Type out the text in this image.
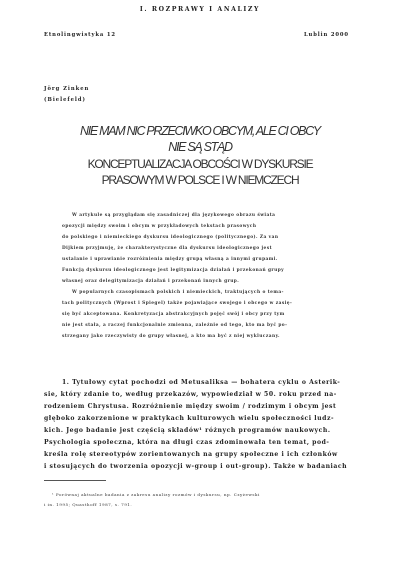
I. ROZPRAWY I ANALIZY
Etnolingwistyka 12	Lublin 2000
Jörg Zinken
(Bielefeld)
NIE MAM NIC PRZECIWKO OBCYM, ALE CI OBCY
NIE SĄ STĄD
KONCEPTUALIZACJA OBCOŚCI W DYSKURSIE
PRASOWYM W POLSCE I W NIEMCZECH
W artykule są przyglądam się zasadniczej dla językowego obrazu świata
opozycji między swoim i obcym w przykładowych tekstach prasowych
do polskiego i niemieckiego dyskursu ideologicznego (politycznego). Za van
Dijkiem przyjmuję, że charakterystyczne dla dyskursu ideologicznego jest
ustalanie i uprawianie rozróżnienia między grupą własną a innymi grupami.
Funkcją dyskursu ideologicznego jest legitymizacja działań i przekonań grupy
własnej oraz delegitymizacja działań i przekonań innych grup.
W popularnych czasopismach polskich i niemieckich, traktujących o tema-
tach politycznych (Wprost i Spiegel) także pojawiające swojego i obcego w zasię-
się być akceptowana. Konkretyzacja abstrakcyjnych pojęć swój i obcy przy tym
nie jest stała, a raczej funkcjonalnie zmienna, zależnie od tego, kto ma być po-
strzegany jako rzeczywisty do grupy własnej, a kto ma być z niej wykluczany.
1. Tytułowy cytat pochodzi od Metusaliksa — bohatera cyklu o Asterik-
sie, który zdanie to, według przekazów, wypowiedział w 50. roku przed na-
rodzeniem Chrystusa. Rozróżnienie między swoim / rodzimym i obcym jest
głęboko zakorzenione w praktykach kulturowych wielu społeczności ludz-
kich. Jego badanie jest częścią składów¹ różnych programów naukowych.
Psychologia społeczna, która na długi czas zdominowała ten temat, pod-
kreśla rolę stereotypów zorientowanych na grupy społeczne i ich członków
i stosujących do tworzenia opozycji w-group i out-group). Także w badaniach
¹ Porównaj aktualne badania z zakresu analizy rozmów i dyskursu, np. Czyżewski
i in. 1995; Quasthoff 1987, s. 791.
